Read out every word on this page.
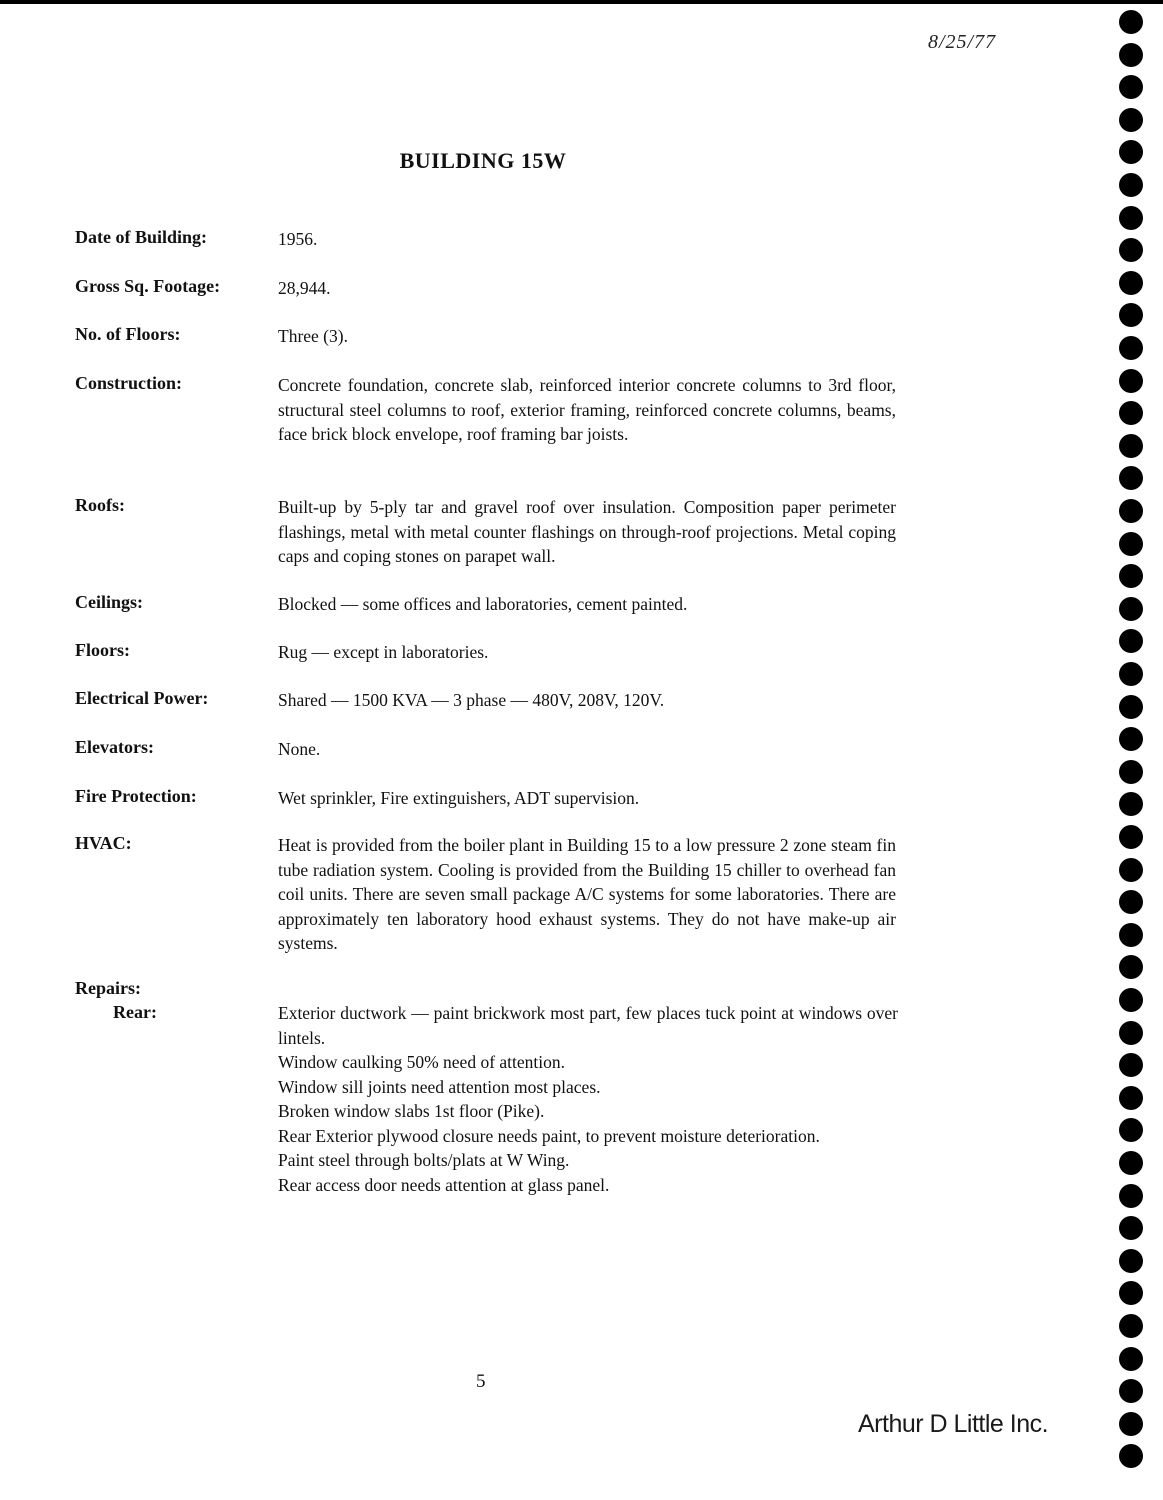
8/25/77
BUILDING 15W
Date of Building:	1956.

Gross Sq. Footage:	28,944.

No. of Floors:	Three (3).

Construction:	Concrete foundation, concrete slab, reinforced interior concrete columns to 3rd floor, structural steel columns to roof, exterior framing, reinforced concrete columns, beams, face brick block envelope, roof framing bar joists.

Roofs:	Built-up by 5-ply tar and gravel roof over insulation. Composition paper perimeter flashings, metal with metal counter flashings on through-roof projections. Metal coping caps and coping stones on parapet wall.

Ceilings:	Blocked — some offices and laboratories, cement painted.

Floors:	Rug — except in laboratories.

Electrical Power:	Shared — 1500 KVA — 3 phase — 480V, 208V, 120V.

Elevators:	None.

Fire Protection:	Wet sprinkler, Fire extinguishers, ADT supervision.

HVAC:	Heat is provided from the boiler plant in Building 15 to a low pressure 2 zone steam fin tube radiation system. Cooling is provided from the Building 15 chiller to overhead fan coil units. There are seven small package A/C systems for some laboratories. There are approximately ten laboratory hood exhaust systems. They do not have make-up air systems.

Repairs:
Rear:	Exterior ductwork — paint brickwork most part, few places tuck point at windows over lintels.
Window caulking 50% need of attention.
Window sill joints need attention most places.
Broken window slabs 1st floor (Pike).
Rear Exterior plywood closure needs paint, to prevent moisture deterioration.
Paint steel through bolts/plats at W Wing.
Rear access door needs attention at glass panel.
5
Arthur D Little Inc.
